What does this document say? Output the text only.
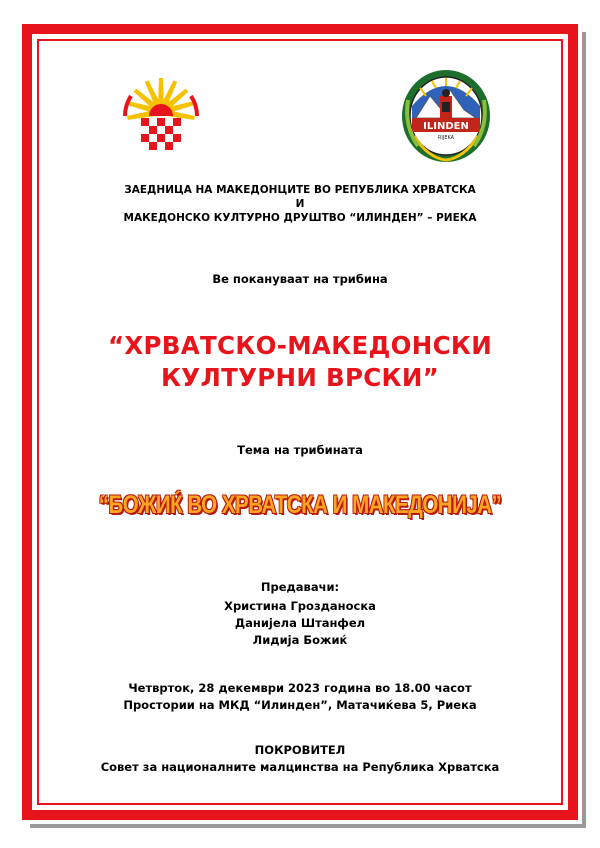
ILINDEN
RIJEKA
ЗАЕДНИЦА НА МАКЕДОНЦИТЕ ВО РЕПУБЛИКА ХРВАТСКА
И
МАКЕДОНСКО КУЛТУРНО ДРУШТВО “ИЛИНДЕН” – РИЕКА
Ве покануваат на трибина
“ХРВАТСКО-МАКЕДОНСКИ
КУЛТУРНИ ВРСКИ”
Тема на трибината
“БОЖИЌ ВО ХРВАТСКА И МАКЕДОНИЈА”
Предавачи:
Христина Грозданоска
Данијела Штанфел
Лидија Божиќ
Четврток, 28 декември 2023 година во 18.00 часот
Простории на МКД “Илинден”, Матачиќева 5, Риека
ПОКРОВИТЕЛ
Совет за националните малцинства на Република Хрватска
